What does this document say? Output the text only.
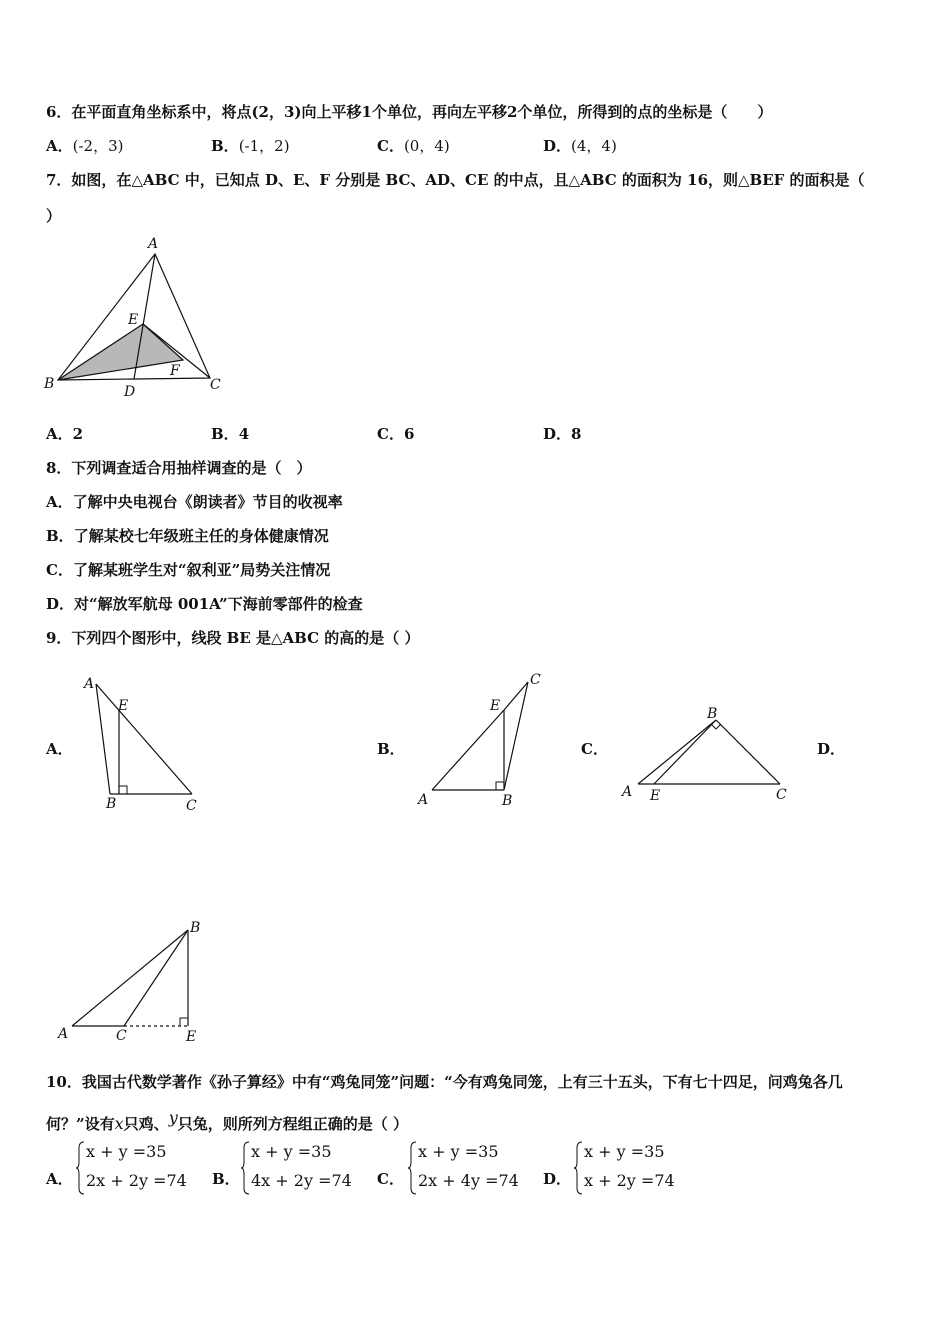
6．在平面直角坐标系中，将点(2，3)向上平移1个单位，再向左平移2个单位，所得到的点的坐标是（　　）
A．(-2，3)	B．(-1，2)	C．(0，4)	D．(4，4)
7．如图，在△ABC 中，已知点 D、E、F 分别是 BC、AD、CE 的中点，且△ABC 的面积为 16，则△BEF 的面积是（
）
A
E
F
B	C
D
A．2	B．4	C．6	D．8
8．下列调查适合用抽样调查的是（　）
A．了解中央电视台《朗读者》节目的收视率
B．了解某校七年级班主任的身体健康情况
C．了解某班学生对“叙利亚”局势关注情况
D．对“解放军航母 001A”下海前零部件的检查
9．下列四个图形中，线段 BE 是△ABC 的高的是（ ）
A．
A
E
B	C
B．
E
C
A	B
C．
B
A E	C
D．
B
A	C	E
10．我国古代数学著作《孙子算经》中有“鸡兔同笼”问题：“今有鸡兔同笼，上有三十五头，下有七十四足，问鸡兔各几
何？”设有x只鸡、$^y$只兔，则所列方程组正确的是（ ）
A．
x + y =35
2x + 2y =74 B．
x + y =35
4x + 2y =74 C．
x + y =35
2x + 4y =74 D．
x + y =35
x + 2y =74
